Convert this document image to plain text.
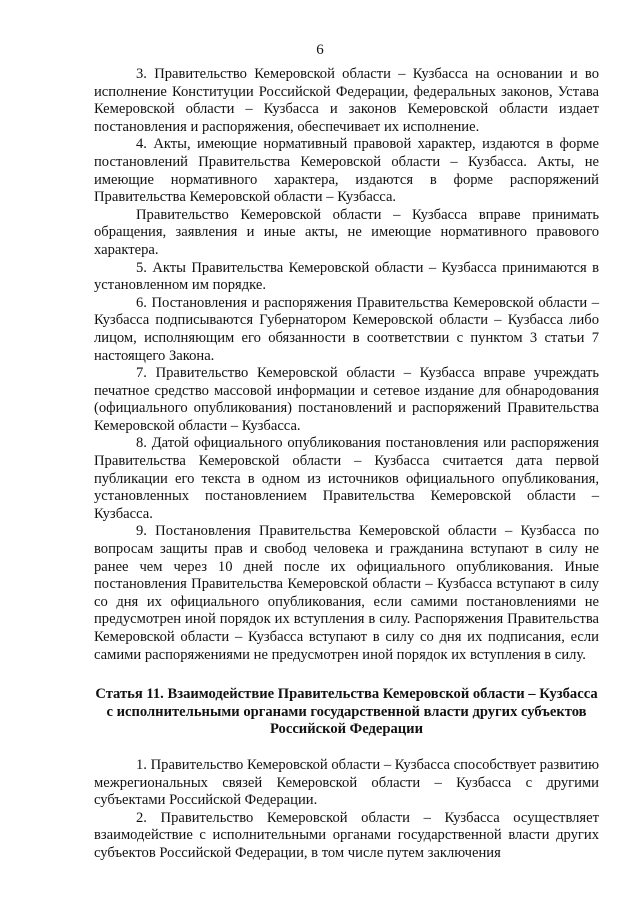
6

3. Правительство Кемеровской области – Кузбасса на основании и во исполнение Конституции Российской Федерации, федеральных законов, Устава Кемеровской области – Кузбасса и законов Кемеровской области издает постановления и распоряжения, обеспечивает их исполнение.

4. Акты, имеющие нормативный правовой характер, издаются в форме постановлений Правительства Кемеровской области – Кузбасса. Акты, не имеющие нормативного характера, издаются в форме распоряжений Правительства Кемеровской области – Кузбасса.

Правительство Кемеровской области – Кузбасса вправе принимать обращения, заявления и иные акты, не имеющие нормативного правового характера.

5. Акты Правительства Кемеровской области – Кузбасса принимаются в установленном им порядке.

6. Постановления и распоряжения Правительства Кемеровской области – Кузбасса подписываются Губернатором Кемеровской области – Кузбасса либо лицом, исполняющим его обязанности в соответствии с пунктом 3 статьи 7 настоящего Закона.

7. Правительство Кемеровской области – Кузбасса вправе учреждать печатное средство массовой информации и сетевое издание для обнародования (официального опубликования) постановлений и распоряжений Правительства Кемеровской области – Кузбасса.

8. Датой официального опубликования постановления или распоряжения Правительства Кемеровской области – Кузбасса считается дата первой публикации его текста в одном из источников официального опубликования, установленных постановлением Правительства Кемеровской области – Кузбасса.

9. Постановления Правительства Кемеровской области – Кузбасса по вопросам защиты прав и свобод человека и гражданина вступают в силу не ранее чем через 10 дней после их официального опубликования. Иные постановления Правительства Кемеровской области – Кузбасса вступают в силу со дня их официального опубликования, если самими постановлениями не предусмотрен иной порядок их вступления в силу. Распоряжения Правительства Кемеровской области – Кузбасса вступают в силу со дня их подписания, если самими распоряжениями не предусмотрен иной порядок их вступления в силу.

Статья 11. Взаимодействие Правительства Кемеровской области – Кузбасса с исполнительными органами государственной власти других субъектов Российской Федерации

1. Правительство Кемеровской области – Кузбасса способствует развитию межрегиональных связей Кемеровской области – Кузбасса с другими субъектами Российской Федерации.

2. Правительство Кемеровской области – Кузбасса осуществляет взаимодействие с исполнительными органами государственной власти других субъектов Российской Федерации, в том числе путем заключения
